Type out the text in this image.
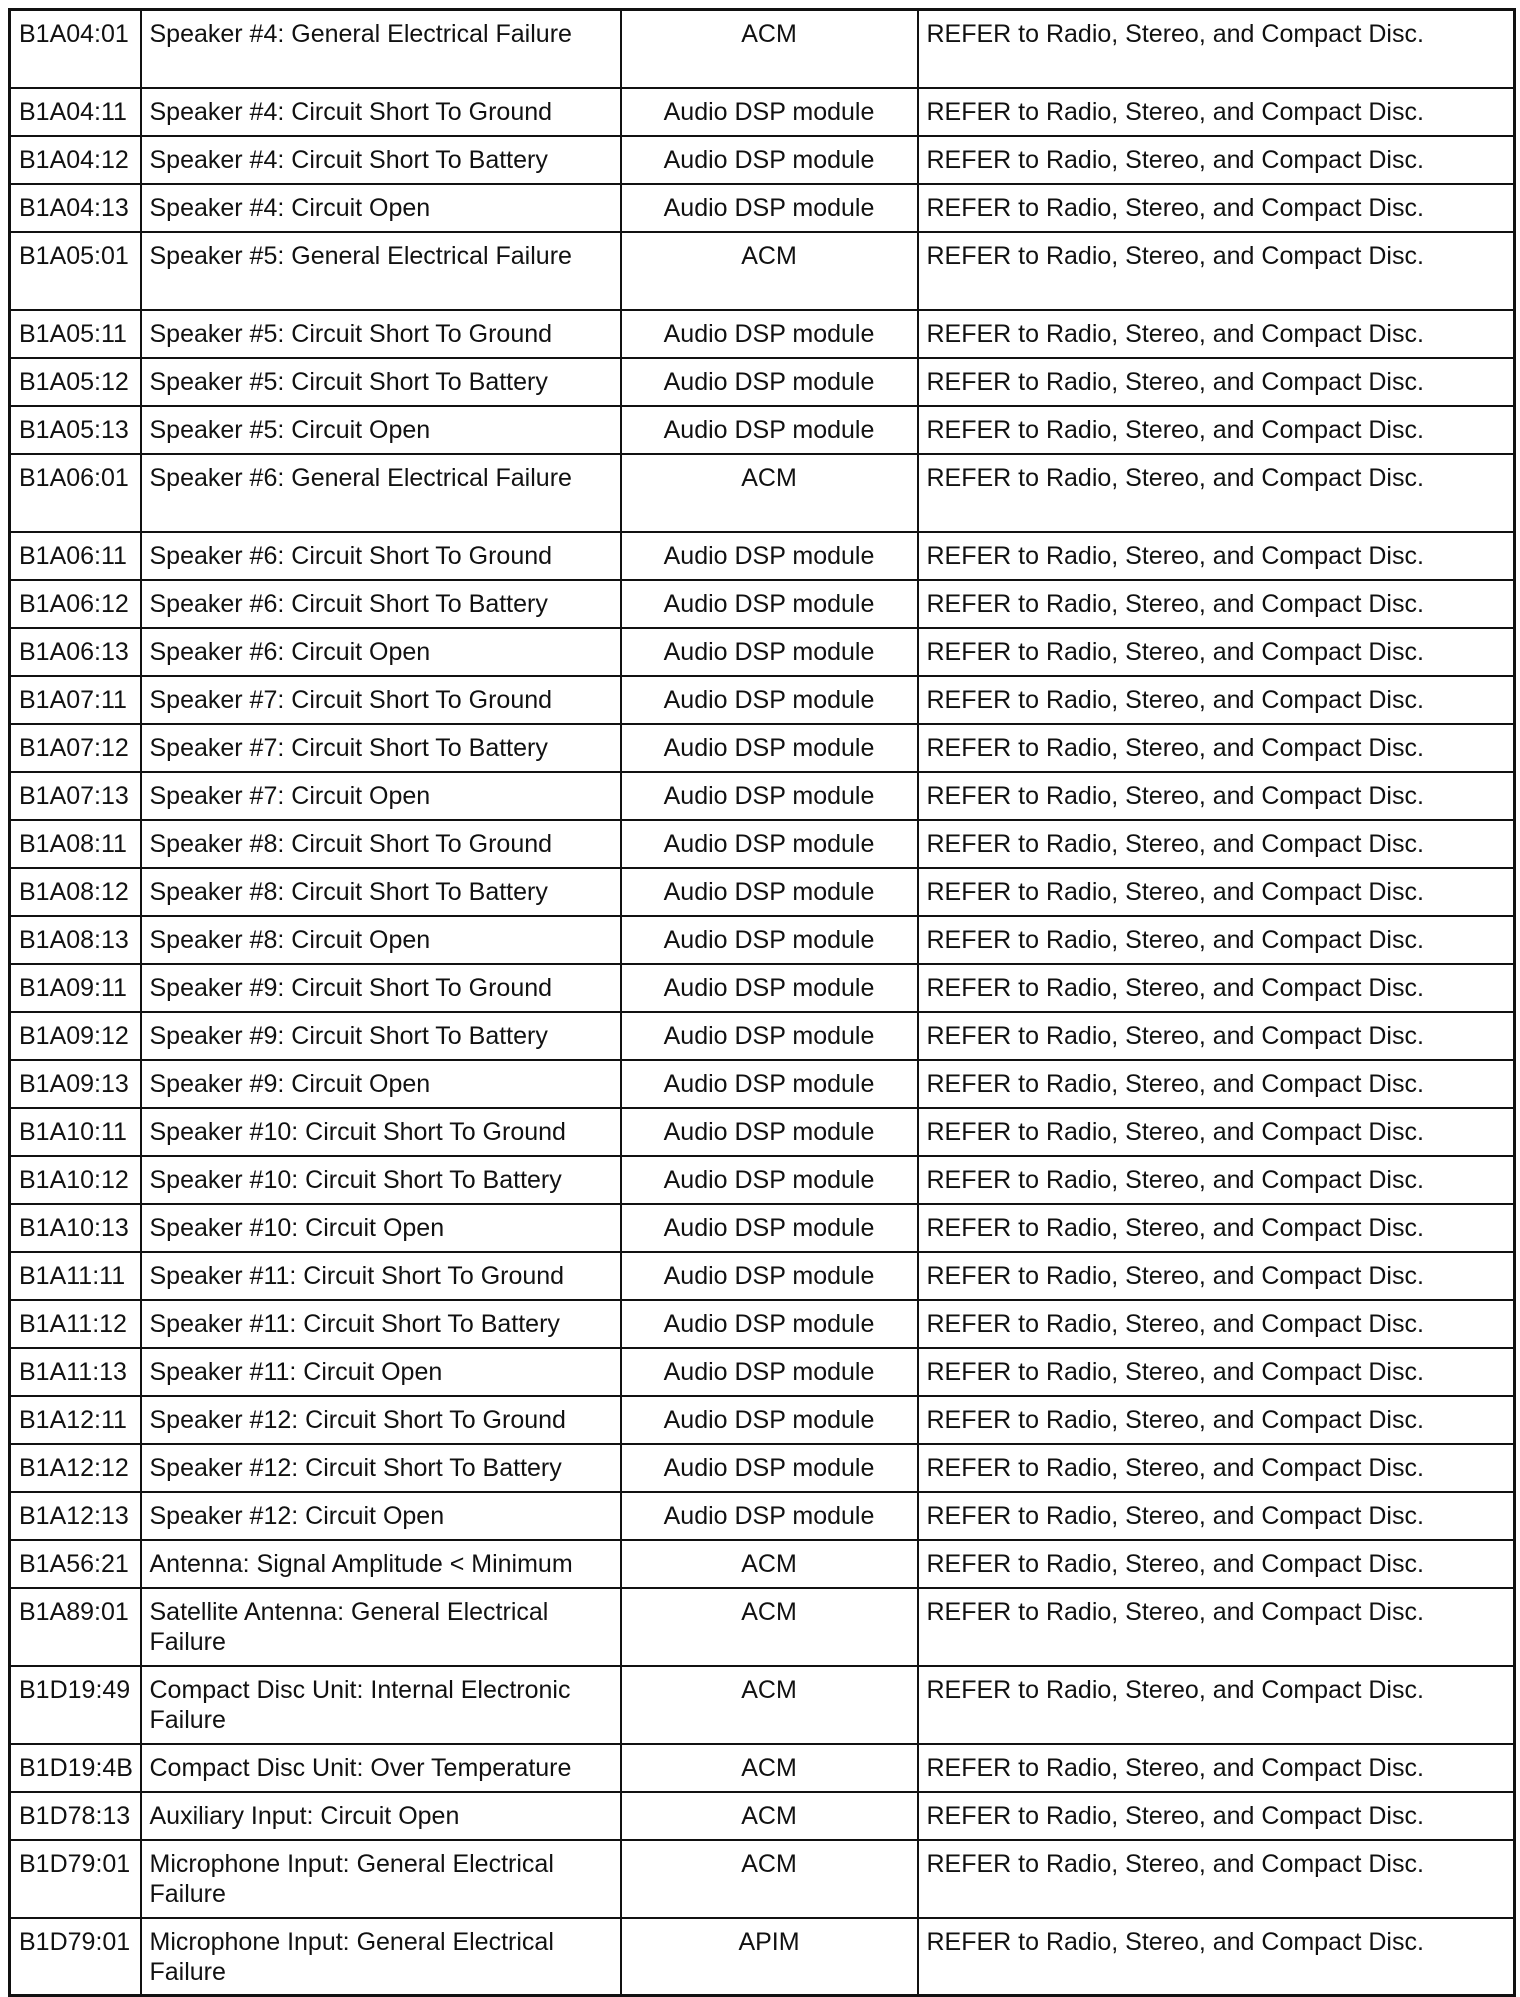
B1A04:01	Speaker #4: General Electrical Failure	ACM	REFER to Radio, Stereo, and Compact Disc.
B1A04:11	Speaker #4: Circuit Short To Ground	Audio DSP module	REFER to Radio, Stereo, and Compact Disc.
B1A04:12	Speaker #4: Circuit Short To Battery	Audio DSP module	REFER to Radio, Stereo, and Compact Disc.
B1A04:13	Speaker #4: Circuit Open	Audio DSP module	REFER to Radio, Stereo, and Compact Disc.
B1A05:01	Speaker #5: General Electrical Failure	ACM	REFER to Radio, Stereo, and Compact Disc.
B1A05:11	Speaker #5: Circuit Short To Ground	Audio DSP module	REFER to Radio, Stereo, and Compact Disc.
B1A05:12	Speaker #5: Circuit Short To Battery	Audio DSP module	REFER to Radio, Stereo, and Compact Disc.
B1A05:13	Speaker #5: Circuit Open	Audio DSP module	REFER to Radio, Stereo, and Compact Disc.
B1A06:01	Speaker #6: General Electrical Failure	ACM	REFER to Radio, Stereo, and Compact Disc.
B1A06:11	Speaker #6: Circuit Short To Ground	Audio DSP module	REFER to Radio, Stereo, and Compact Disc.
B1A06:12	Speaker #6: Circuit Short To Battery	Audio DSP module	REFER to Radio, Stereo, and Compact Disc.
B1A06:13	Speaker #6: Circuit Open	Audio DSP module	REFER to Radio, Stereo, and Compact Disc.
B1A07:11	Speaker #7: Circuit Short To Ground	Audio DSP module	REFER to Radio, Stereo, and Compact Disc.
B1A07:12	Speaker #7: Circuit Short To Battery	Audio DSP module	REFER to Radio, Stereo, and Compact Disc.
B1A07:13	Speaker #7: Circuit Open	Audio DSP module	REFER to Radio, Stereo, and Compact Disc.
B1A08:11	Speaker #8: Circuit Short To Ground	Audio DSP module	REFER to Radio, Stereo, and Compact Disc.
B1A08:12	Speaker #8: Circuit Short To Battery	Audio DSP module	REFER to Radio, Stereo, and Compact Disc.
B1A08:13	Speaker #8: Circuit Open	Audio DSP module	REFER to Radio, Stereo, and Compact Disc.
B1A09:11	Speaker #9: Circuit Short To Ground	Audio DSP module	REFER to Radio, Stereo, and Compact Disc.
B1A09:12	Speaker #9: Circuit Short To Battery	Audio DSP module	REFER to Radio, Stereo, and Compact Disc.
B1A09:13	Speaker #9: Circuit Open	Audio DSP module	REFER to Radio, Stereo, and Compact Disc.
B1A10:11	Speaker #10: Circuit Short To Ground	Audio DSP module	REFER to Radio, Stereo, and Compact Disc.
B1A10:12	Speaker #10: Circuit Short To Battery	Audio DSP module	REFER to Radio, Stereo, and Compact Disc.
B1A10:13	Speaker #10: Circuit Open	Audio DSP module	REFER to Radio, Stereo, and Compact Disc.
B1A11:11	Speaker #11: Circuit Short To Ground	Audio DSP module	REFER to Radio, Stereo, and Compact Disc.
B1A11:12	Speaker #11: Circuit Short To Battery	Audio DSP module	REFER to Radio, Stereo, and Compact Disc.
B1A11:13	Speaker #11: Circuit Open	Audio DSP module	REFER to Radio, Stereo, and Compact Disc.
B1A12:11	Speaker #12: Circuit Short To Ground	Audio DSP module	REFER to Radio, Stereo, and Compact Disc.
B1A12:12	Speaker #12: Circuit Short To Battery	Audio DSP module	REFER to Radio, Stereo, and Compact Disc.
B1A12:13	Speaker #12: Circuit Open	Audio DSP module	REFER to Radio, Stereo, and Compact Disc.
B1A56:21	Antenna: Signal Amplitude < Minimum	ACM	REFER to Radio, Stereo, and Compact Disc.
B1A89:01	Satellite Antenna: General Electrical Failure	ACM	REFER to Radio, Stereo, and Compact Disc.
B1D19:49	Compact Disc Unit: Internal Electronic Failure	ACM	REFER to Radio, Stereo, and Compact Disc.
B1D19:4B	Compact Disc Unit: Over Temperature	ACM	REFER to Radio, Stereo, and Compact Disc.
B1D78:13	Auxiliary Input: Circuit Open	ACM	REFER to Radio, Stereo, and Compact Disc.
B1D79:01	Microphone Input: General Electrical Failure	ACM	REFER to Radio, Stereo, and Compact Disc.
B1D79:01	Microphone Input: General Electrical Failure	APIM	REFER to Radio, Stereo, and Compact Disc.
